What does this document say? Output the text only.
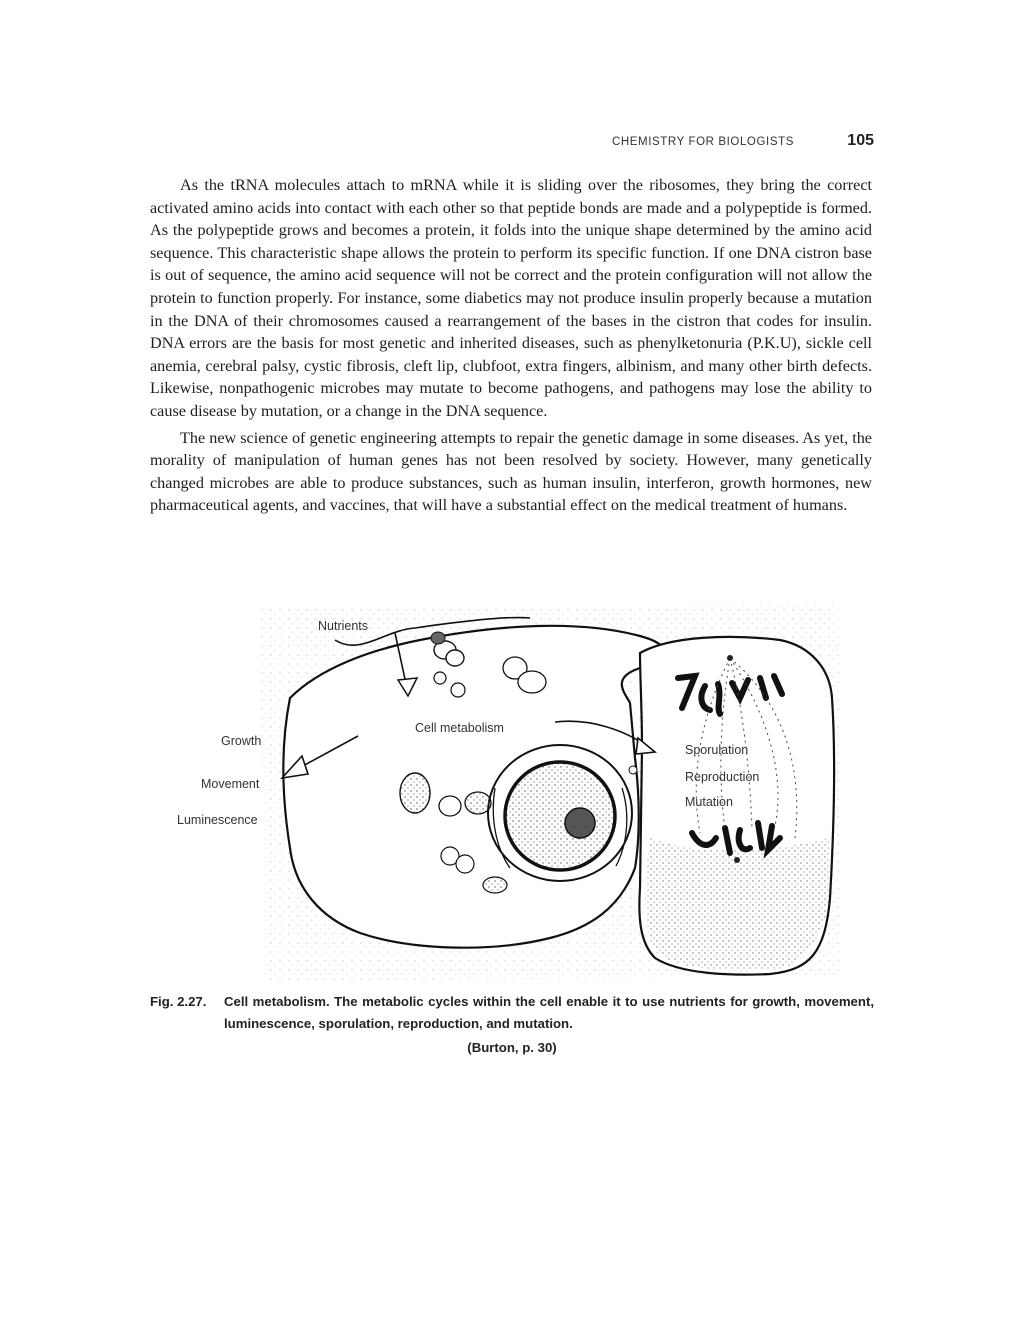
CHEMISTRY FOR BIOLOGISTS	105

As the tRNA molecules attach to mRNA while it is sliding over the ribosomes, they bring the correct activated amino acids into contact with each other so that peptide bonds are made and a polypeptide is formed. As the polypeptide grows and becomes a protein, it folds into the unique shape determined by the amino acid sequence. This characteristic shape allows the protein to perform its specific function. If one DNA cistron base is out of sequence, the amino acid sequence will not be correct and the protein configuration will not allow the protein to function properly. For instance, some diabetics may not produce insulin properly because a mutation in the DNA of their chromosomes caused a rearrangement of the bases in the cistron that codes for insulin. DNA errors are the basis for most genetic and inherited diseases, such as phenylketonuria (P.K.U), sickle cell anemia, cerebral palsy, cystic fibrosis, cleft lip, clubfoot, extra fingers, albinism, and many other birth defects. Likewise, nonpathogenic microbes may mutate to become pathogens, and pathogens may lose the ability to cause disease by mutation, or a change in the DNA sequence.

The new science of genetic engineering attempts to repair the genetic damage in some diseases. As yet, the morality of manipulation of human genes has not been resolved by society. However, many genetically changed microbes are able to produce substances, such as human insulin, interferon, growth hormones, new pharmaceutical agents, and vaccines, that will have a substantial effect on the medical treatment of humans.

Nutrients
Cell metabolism
Growth
Movement
Luminescence
Sporulation
Reproduction
Mutation
Fig. 2.27.	Cell metabolism. The metabolic cycles within the cell enable it to use nutrients for growth, movement, luminescence, sporulation, reproduction, and mutation.
(Burton, p. 30)
